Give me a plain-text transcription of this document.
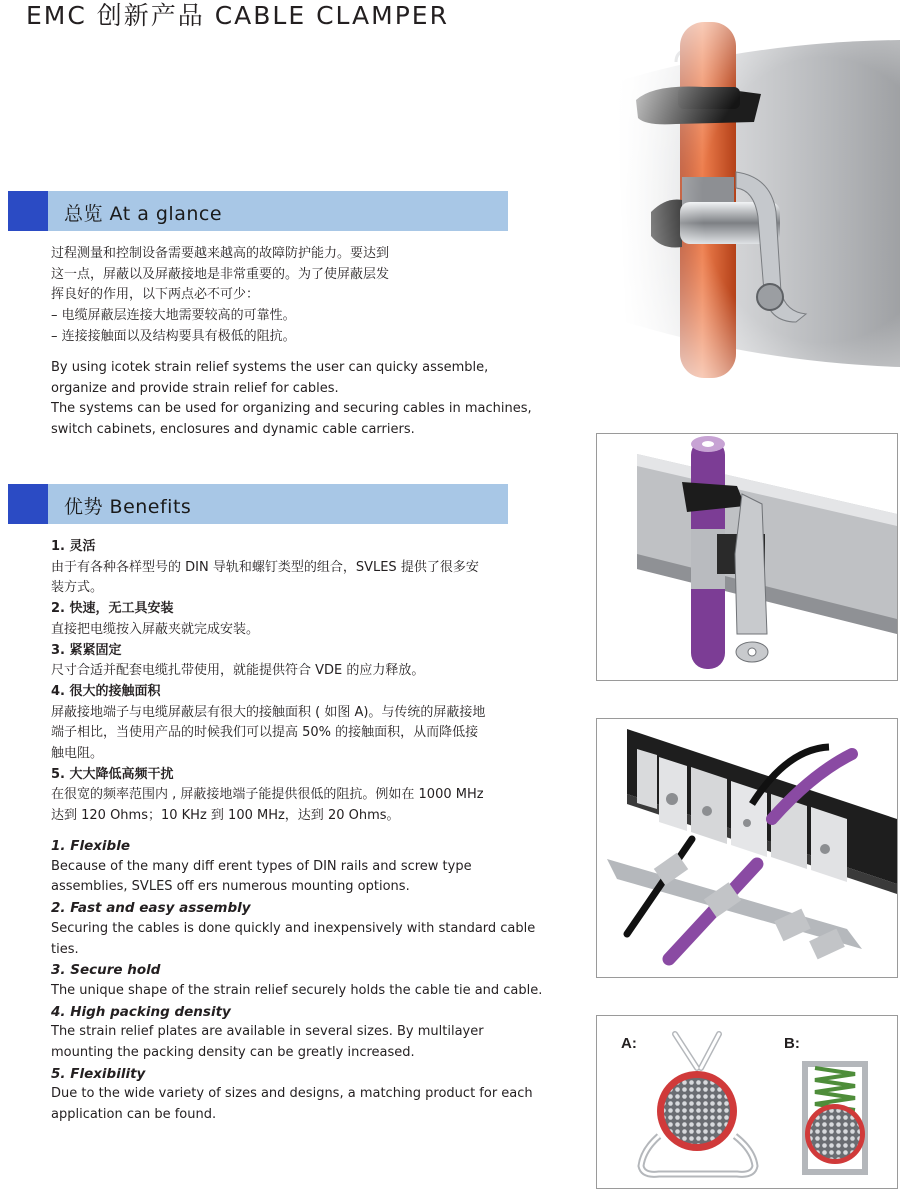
EMC 创新产品 CABLE CLAMPER
总览 At a glance

过程测量和控制设备需要越来越高的故障防护能力。要达到

这一点，屏蔽以及屏蔽接地是非常重要的。为了使屏蔽层发

挥良好的作用，以下两点必不可少：

– 电缆屏蔽层连接大地需要较高的可靠性。

– 连接接触面以及结构要具有极低的阻抗。

By using icotek strain relief systems the user can quicky assemble,

organize and provide strain relief for cables.

The systems can be used for organizing and securing cables in machines,

switch cabinets, enclosures and dynamic cable carriers.

优势 Benefits

1. 灵活

由于有各种各样型号的 DIN 导轨和螺钉类型的组合，SVLES 提供了很多安

装方式。

2. 快速，无工具安装

直接把电缆按入屏蔽夹就完成安装。

3. 紧紧固定

尺寸合适并配套电缆扎带使用，就能提供符合 VDE 的应力释放。

4. 很大的接触面积

屏蔽接地端子与电缆屏蔽层有很大的接触面积 ( 如图 A)。与传统的屏蔽接地

端子相比，当使用产品的时候我们可以提高 50% 的接触面积，从而降低接

触电阻。

5. 大大降低高频干扰

在很宽的频率范围内 , 屏蔽接地端子能提供很低的阻抗。例如在 1000 MHz

达到 120 Ohms；10 KHz 到 100 MHz，达到 20 Ohms。

1. Flexible

Because of the many diff erent types of DIN rails and screw type

assemblies, SVLES off ers numerous mounting options.

2. Fast and easy assembly

Securing the cables is done quickly and inexpensively with standard cable

ties.

3. Secure hold

The unique shape of the strain relief securely holds the cable tie and cable.

4. High packing density

The strain relief plates are available in several sizes. By multilayer

mounting the packing density can be greatly increased.

5. Flexibility

Due to the wide variety of sizes and designs, a matching product for each

application can be found.

A:	B:
